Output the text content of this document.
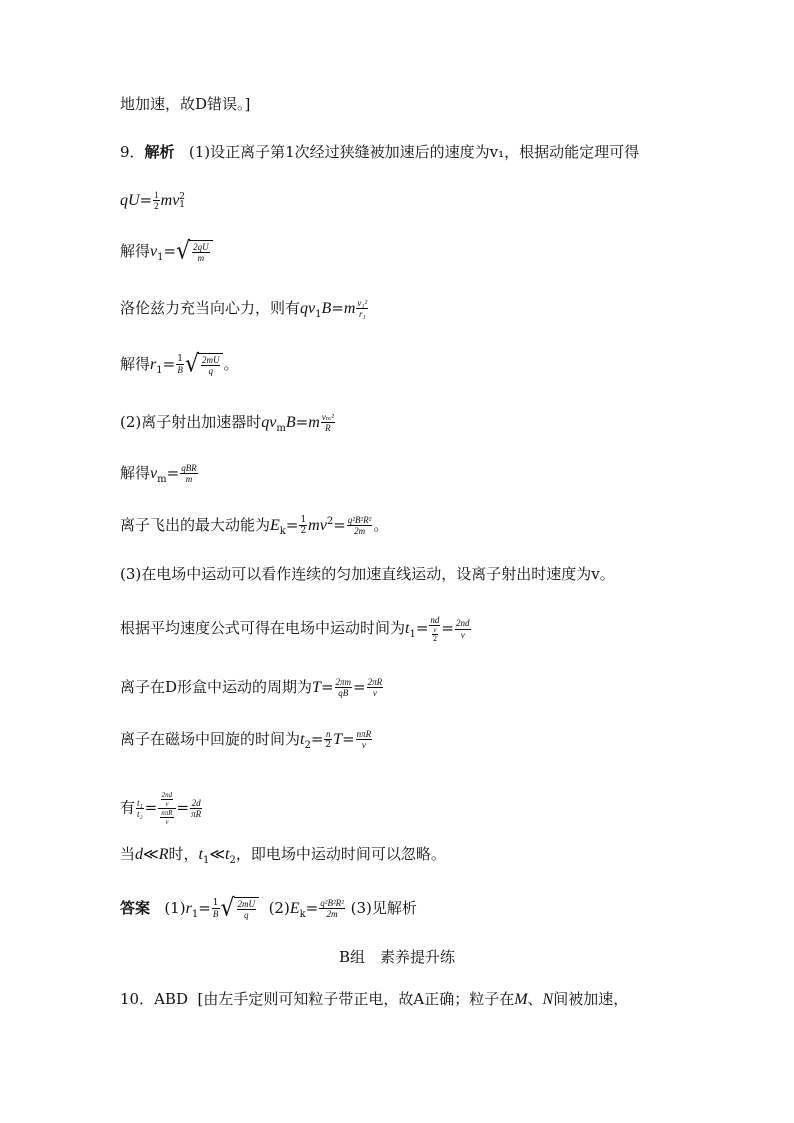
地加速，故D错误。]
9．解析 (1)设正离子第1次经过狭缝被加速后的速度为v₁，根据动能定理可得
$qU= \frac{1}{2}$ mv 2
1
解得$v_1=√ \frac{2qU}{m}$
洛伦兹力充当向心力，则有$qv_1B=m \frac{\text{v₁²}}{\text{r₁}}$
解得$r_1= \frac{1}{B}$ √ $\frac{2mU}{q}$ 。
(2)离子射出加速器时$qv_mB=m \frac{\text{vₘ²}}{R}$
解得$v_m= \frac{\text{qBR}}{m}$
离子飞出的最大动能为$E_k= \frac{1}{2} mv^2= \frac{\text{q²B²R²}}{2m}$ 。
(3)在电场中运动可以看作连续的匀加速直线运动，设离子射出时速度为v。
根据平均速度公式可得在电场中运动时间为$t_1= \frac{nd}{\frac{v}{2}} = \frac{2nd}{v}$
离子在D形盒中运动的周期为$T= \frac{2\pi m}{qB} = \frac{2\pi R}{v}$
离子在磁场中回旋的时间为$t_2= \frac{n}{2} T= \frac{\text{nπR}}{v}$
有 $\frac{\text{t₁}}{\text{t₂}} = \frac{\frac{2nd}{v}}{\frac{\text{nπR}}{v}} = \frac{2d}{\pi R}$
当d≪R时，$t_1≪t_2$，即电场中运动时间可以忽略。
答案   $(1)r_1= \frac{1}{B}$ √ $\frac{2mU}{q} (2)E_k= \frac{\text{q²B²R²}}{2m} (3)$见解析
B组　素养提升练
10．ABD  [由左手定则可知粒子带正电，故A正确；粒子在M、N间被加速，
